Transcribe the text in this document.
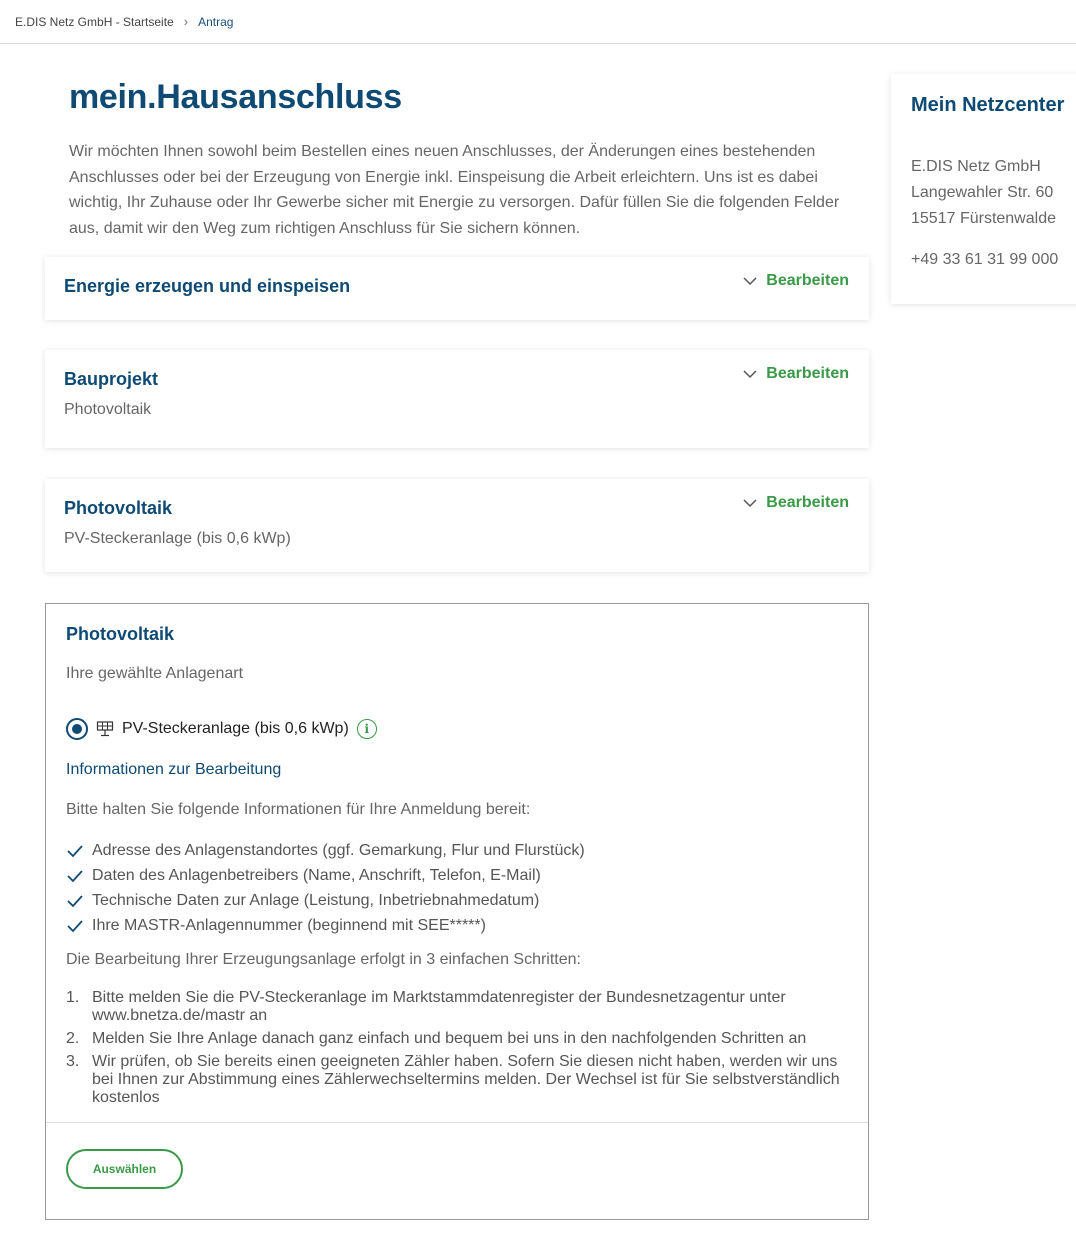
E.DIS Netz GmbH - Startseite › Antrag
mein.Hausanschluss

Wir möchten Ihnen sowohl beim Bestellen eines neuen Anschlusses, der Änderungen eines bestehenden Anschlusses oder bei der Erzeugung von Energie inkl. Einspeisung die Arbeit erleichtern. Uns ist es dabei wichtig, Ihr Zuhause oder Ihr Gewerbe sicher mit Energie zu versorgen. Dafür füllen Sie die folgenden Felder aus, damit wir den Weg zum richtigen Anschluss für Sie sichern können.

Energie erzeugen und einspeisen	Bearbeiten
Bauprojekt
Photovoltaik
Bearbeiten
Photovoltaik
PV-Steckeranlage (bis 0,6 kWp)
Bearbeiten
Photovoltaik
Ihre gewählte Anlagenart
PV-Steckeranlage (bis 0,6 kWp)	i
Informationen zur Bearbeitung
Bitte halten Sie folgende Informationen für Ihre Anmeldung bereit:
Adresse des Anlagenstandortes (ggf. Gemarkung, Flur und Flurstück)
Daten des Anlagenbetreibers (Name, Anschrift, Telefon, E-Mail)
Technische Daten zur Anlage (Leistung, Inbetriebnahmedatum)
Ihre MASTR-Anlagennummer (beginnend mit SEE*****)
Die Bearbeitung Ihrer Erzeugungsanlage erfolgt in 3 einfachen Schritten:
1. Bitte melden Sie die PV-Steckeranlage im Marktstammdatenregister der Bundesnetzagentur unter www.bnetza.de/mastr an
2. Melden Sie Ihre Anlage danach ganz einfach und bequem bei uns in den nachfolgenden Schritten an
3. Wir prüfen, ob Sie bereits einen geeigneten Zähler haben. Sofern Sie diesen nicht haben, werden wir uns bei Ihnen zur Abstimmung eines Zählerwechseltermins melden. Der Wechsel ist für Sie selbstverständlich kostenlos
Auswählen
Mein Netzcenter
E.DIS Netz GmbH
Langewahler Str. 60
15517 Fürstenwalde
+49 33 61 31 99 000
